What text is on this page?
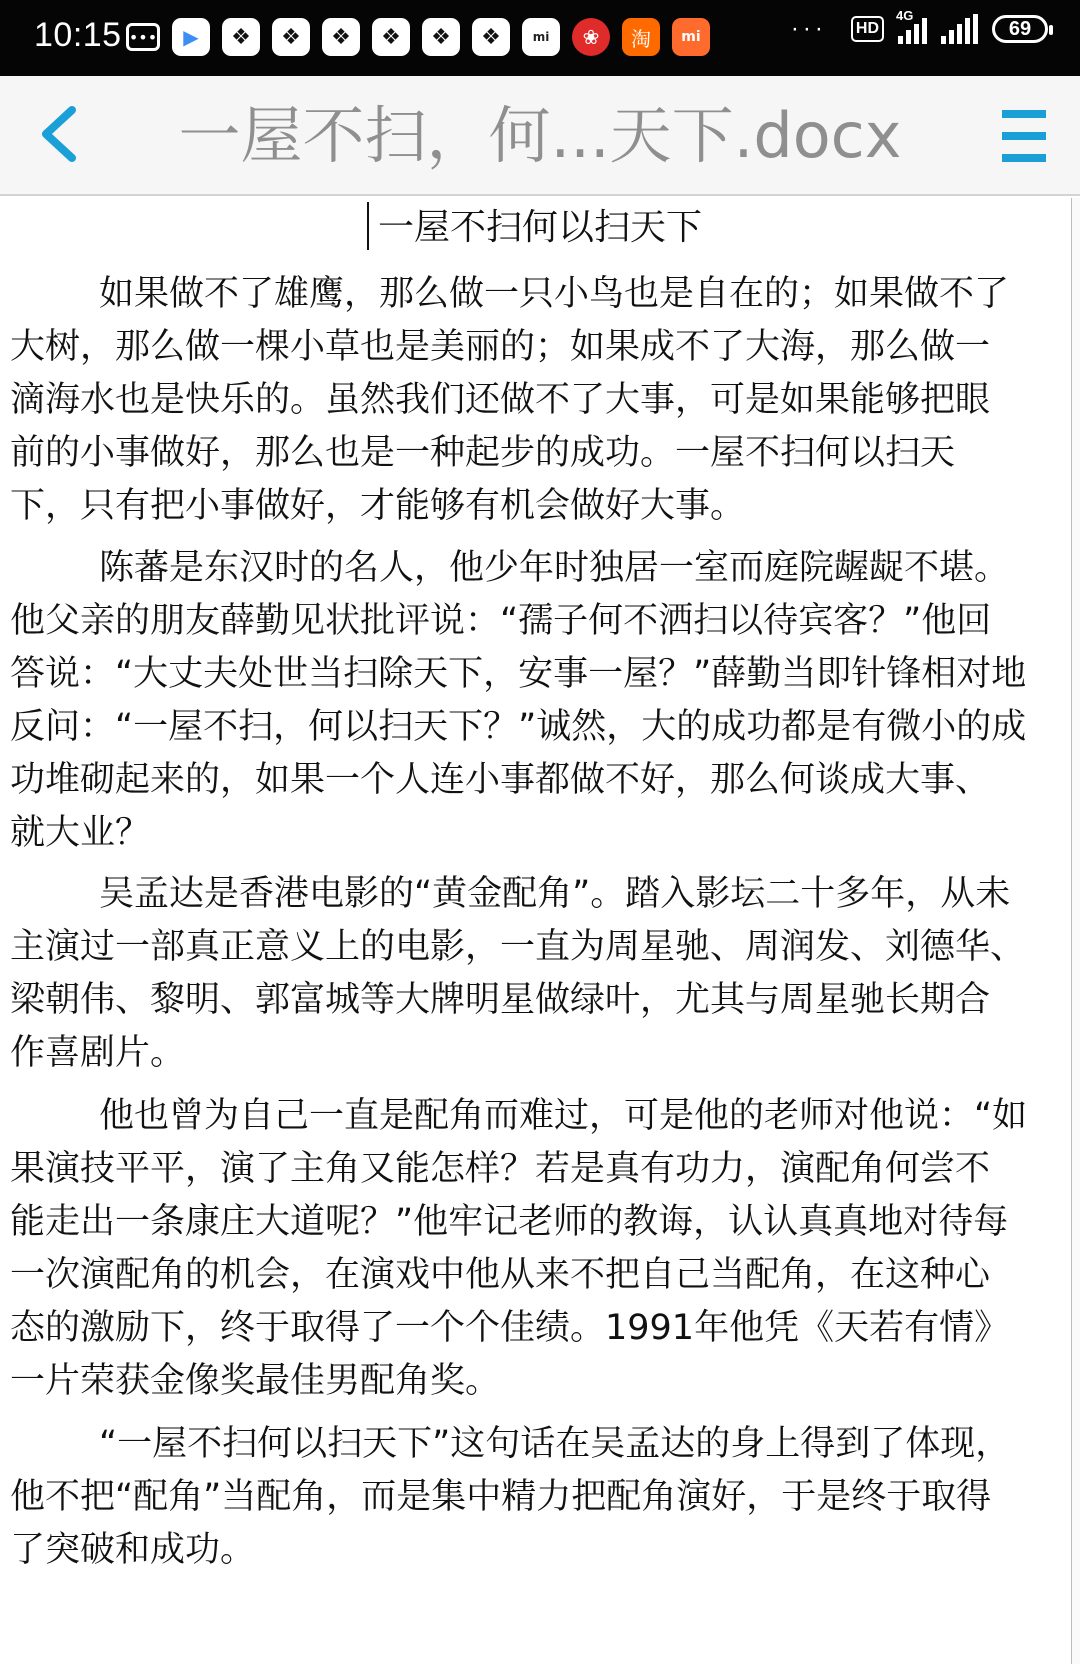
10:15 •••	▶	❖	❖	❖	❖	❖	❖	mi	❀	淘	mi	···	HD
4G
69
一屋不扫，何...天下.docx
一屋不扫何以扫天下

如果做不了雄鹰，那么做一只小鸟也是自在的；如果做不了
大树，那么做一棵小草也是美丽的；如果成不了大海，那么做一
滴海水也是快乐的。虽然我们还做不了大事，可是如果能够把眼
前的小事做好，那么也是一种起步的成功。一屋不扫何以扫天
下，只有把小事做好，才能够有机会做好大事。

陈蕃是东汉时的名人，他少年时独居一室而庭院龌龊不堪。
他父亲的朋友薛勤见状批评说：“孺子何不洒扫以待宾客？”他回
答说：“大丈夫处世当扫除天下，安事一屋？”薛勤当即针锋相对地
反问：“一屋不扫，何以扫天下？”诚然，大的成功都是有微小的成
功堆砌起来的，如果一个人连小事都做不好，那么何谈成大事、
就大业？

吴孟达是香港电影的“黄金配角”。踏入影坛二十多年，从未
主演过一部真正意义上的电影，一直为周星驰、周润发、刘德华、
梁朝伟、黎明、郭富城等大牌明星做绿叶，尤其与周星驰长期合
作喜剧片。

他也曾为自己一直是配角而难过，可是他的老师对他说：“如
果演技平平，演了主角又能怎样？若是真有功力，演配角何尝不
能走出一条康庄大道呢？”他牢记老师的教诲，认认真真地对待每
一次演配角的机会，在演戏中他从来不把自己当配角，在这种心
态的激励下，终于取得了一个个佳绩。1991年他凭《天若有情》
一片荣获金像奖最佳男配角奖。

“一屋不扫何以扫天下”这句话在吴孟达的身上得到了体现，
他不把“配角”当配角，而是集中精力把配角演好，于是终于取得
了突破和成功。
